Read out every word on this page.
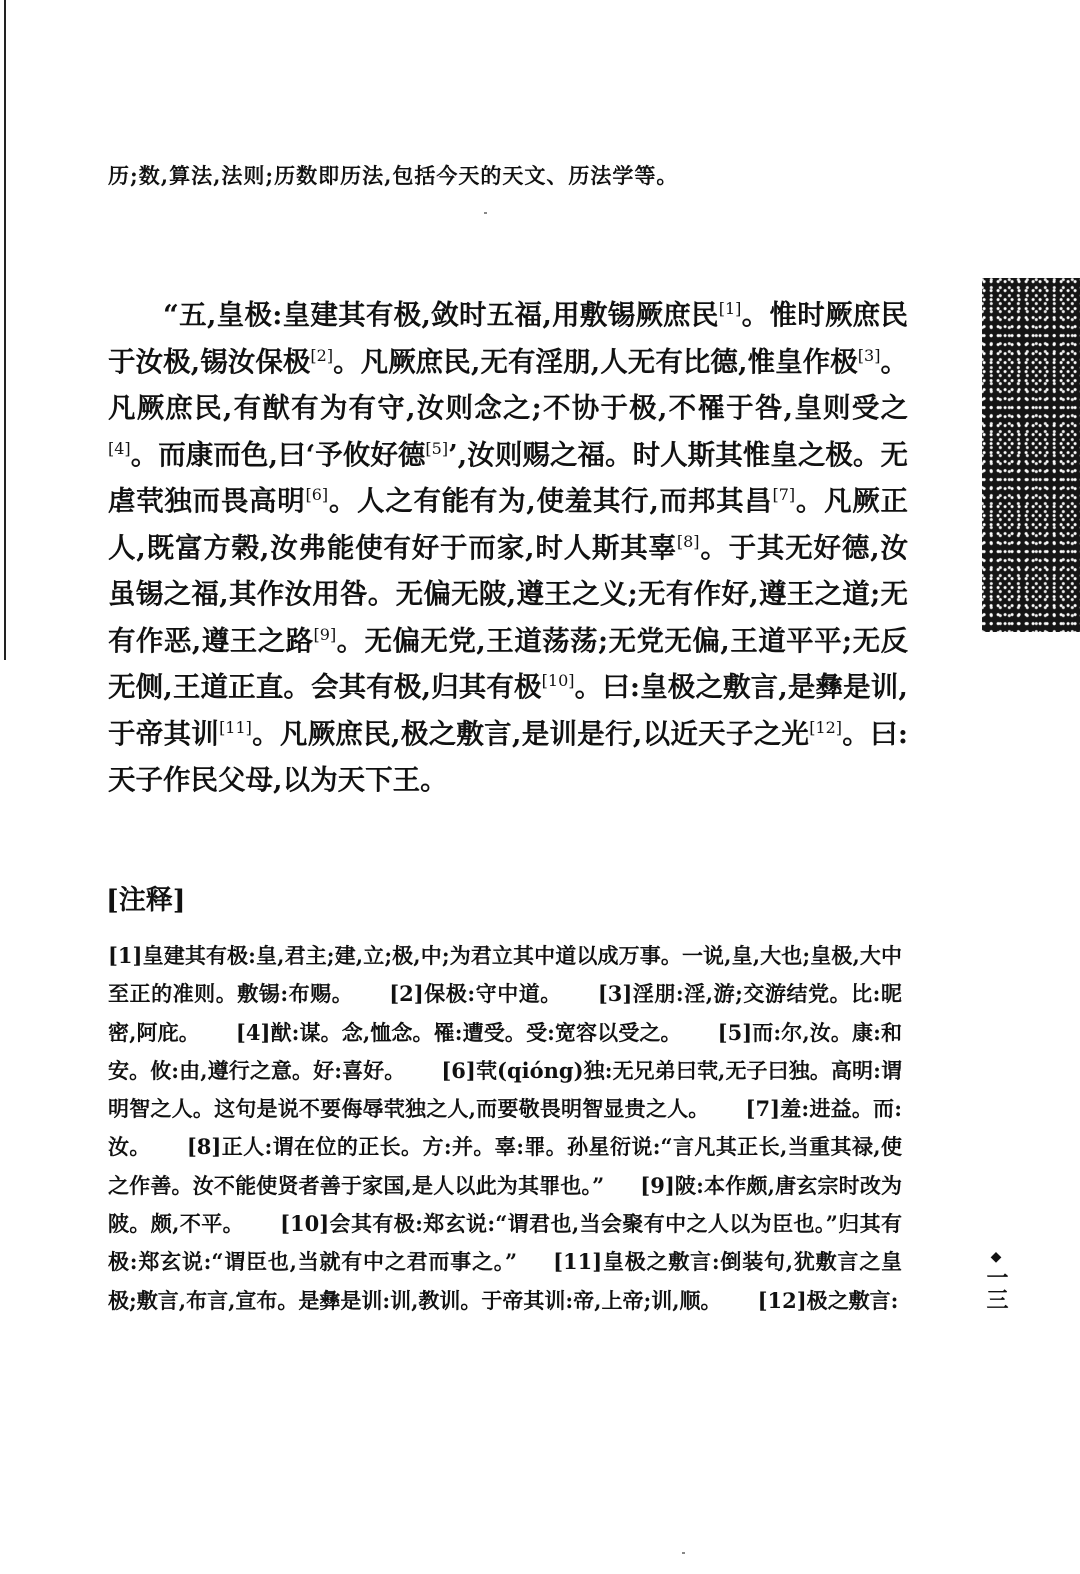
历;数,算法,法则;历数即历法,包括今天的天文、历法学等。
“五,皇极:皇建其有极,敛时五福,用敷锡厥庶民[1]。惟时厥庶民于汝极,锡汝保极[2]。凡厥庶民,无有淫朋,人无有比德,惟皇作极[3]。凡厥庶民,有猷有为有守,汝则念之;不协于极,不罹于咎,皇则受之[4]。而康而色,曰‘予攸好德[5]’,汝则赐之福。时人斯其惟皇之极。无虐茕独而畏高明[6]。人之有能有为,使羞其行,而邦其昌[7]。凡厥正人,既富方榖,汝弗能使有好于而家,时人斯其辜[8]。于其无好德,汝虽锡之福,其作汝用咎。无偏无陂,遵王之义;无有作好,遵王之道;无有作恶,遵王之路[9]。无偏无党,王道荡荡;无党无偏,王道平平;无反无侧,王道正直。会其有极,归其有极[10]。曰:皇极之敷言,是彝是训,于帝其训[11]。凡厥庶民,极之敷言,是训是行,以近天子之光[12]。曰:天子作民父母,以为天下王。
[注释]
[1]皇建其有极:皇,君主;建,立;极,中;为君立其中道以成万事。一说,皇,大也;皇极,大中至正的准则。敷锡:布赐。 [2]保极:守中道。 [3]淫朋:淫,游;交游结党。比:昵密,阿庇。 [4]猷:谋。念,恤念。罹:遭受。受:宽容以受之。 [5]而:尔,汝。康:和安。攸:由,遵行之意。好:喜好。 [6]茕(qióng)独:无兄弟曰茕,无子曰独。高明:谓明智之人。这句是说不要侮辱茕独之人,而要敬畏明智显贵之人。 [7]羞:进益。而:汝。 [8]正人:谓在位的正长。方:并。辜:罪。孙星衍说:“言凡其正长,当重其禄,使之作善。汝不能使贤者善于家国,是人以此为其罪也。” [9]陂:本作颇,唐玄宗时改为陂。颇,不平。 [10]会其有极:郑玄说:“谓君也,当会聚有中之人以为臣也。”归其有极:郑玄说:“谓臣也,当就有中之君而事之。” [11]皇极之敷言:倒装句,犹敷言之皇极;敷言,布言,宣布。是彝是训:训,教训。于帝其训:帝,上帝;训,顺。 [12]极之敷言:
◆
一三
